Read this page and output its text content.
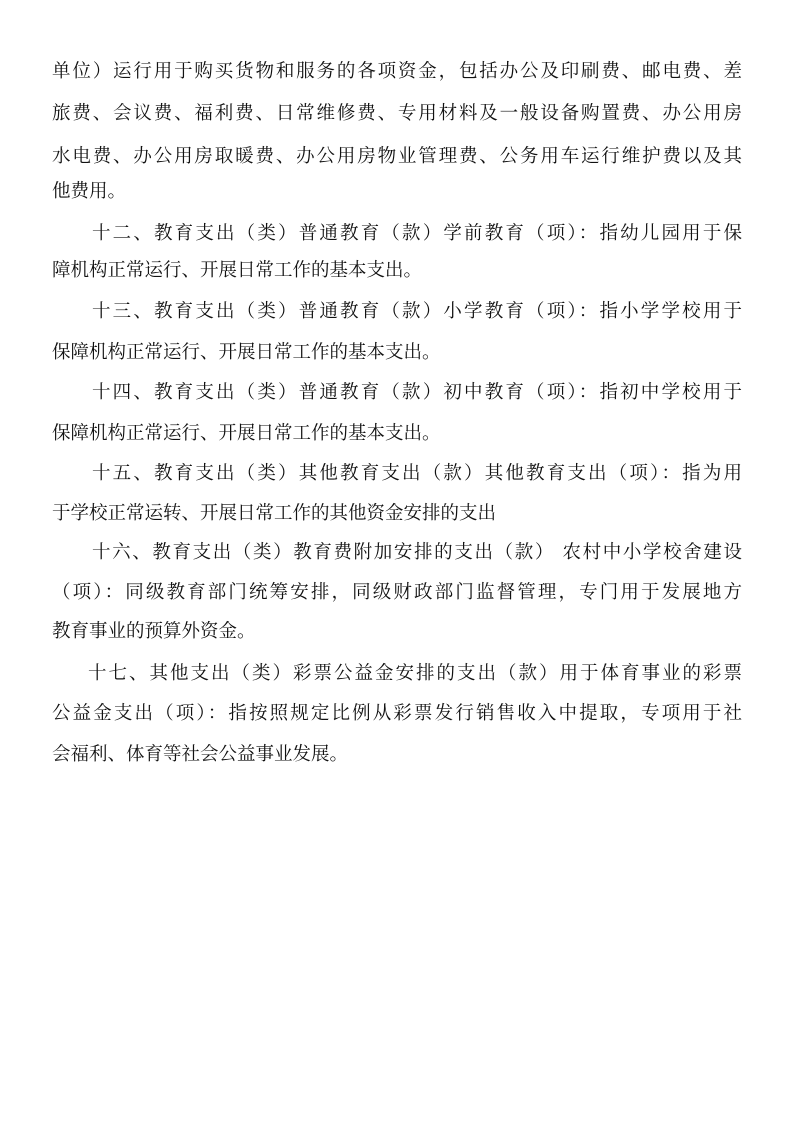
单位）运行用于购买货物和服务的各项资金，包括办公及印刷费、邮电费、差
旅费、会议费、福利费、日常维修费、专用材料及一般设备购置费、办公用房
水电费、办公用房取暖费、办公用房物业管理费、公务用车运行维护费以及其
他费用。
十二、教育支出（类）普通教育（款）学前教育（项）：指幼儿园用于保
障机构正常运行、开展日常工作的基本支出。
十三、教育支出（类）普通教育（款）小学教育（项）：指小学学校用于
保障机构正常运行、开展日常工作的基本支出。
十四、教育支出（类）普通教育（款）初中教育（项）：指初中学校用于
保障机构正常运行、开展日常工作的基本支出。
十五、教育支出（类）其他教育支出（款）其他教育支出（项）：指为用
于学校正常运转、开展日常工作的其他资金安排的支出
十六、教育支出（类）教育费附加安排的支出（款） 农村中小学校舍建设
（项）：同级教育部门统筹安排，同级财政部门监督管理，专门用于发展地方
教育事业的预算外资金。
十七、其他支出（类）彩票公益金安排的支出（款）用于体育事业的彩票
公益金支出（项）：指按照规定比例从彩票发行销售收入中提取，专项用于社
会福利、体育等社会公益事业发展。
